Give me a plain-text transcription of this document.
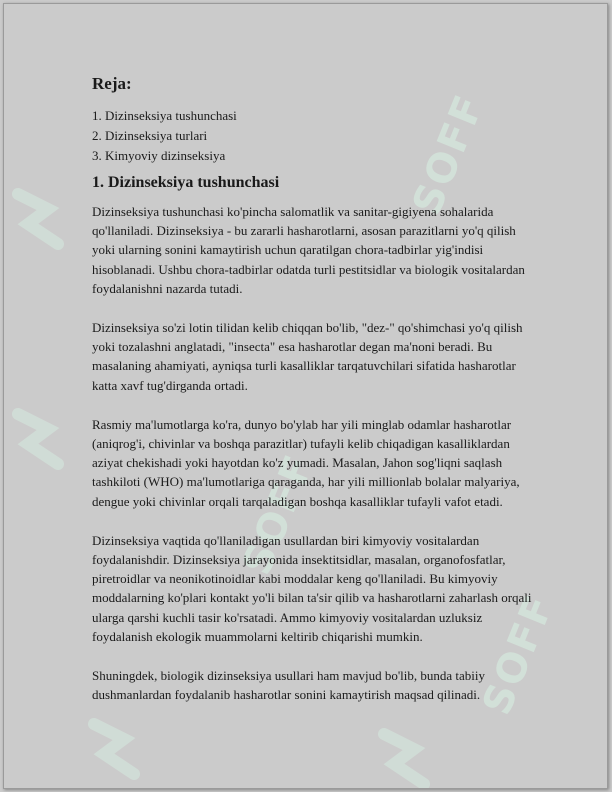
SOFF
SOFF
SOFF
Reja:

1. Dizinseksiya tushunchasi

2. Dizinseksiya turlari

3. Kimyoviy dizinseksiya

1. Dizinseksiya tushunchasi

Dizinseksiya tushunchasi ko'pincha salomatlik va sanitar-gigiyena sohalarida qo'llaniladi. Dizinseksiya - bu zararli hasharotlarni, asosan parazitlarni yo'q qilish yoki ularning sonini kamaytirish uchun qaratilgan chora-tadbirlar yig'indisi hisoblanadi. Ushbu chora-tadbirlar odatda turli pestitsidlar va biologik vositalardan foydalanishni nazarda tutadi.

Dizinseksiya so'zi lotin tilidan kelib chiqqan bo'lib, "dez-" qo'shimchasi yo'q qilish yoki tozalashni anglatadi, "insecta" esa hasharotlar degan ma'noni beradi. Bu masalaning ahamiyati, ayniqsa turli kasalliklar tarqatuvchilari sifatida hasharotlar katta xavf tug'dirganda ortadi.

Rasmiy ma'lumotlarga ko'ra, dunyo bo'ylab har yili minglab odamlar hasharotlar (aniqrog'i, chivinlar va boshqa parazitlar) tufayli kelib chiqadigan kasalliklardan aziyat chekishadi yoki hayotdan ko'z yumadi. Masalan, Jahon sog'liqni saqlash tashkiloti (WHO) ma'lumotlariga qaraganda, har yili millionlab bolalar malyariya, dengue yoki chivinlar orqali tarqaladigan boshqa kasalliklar tufayli vafot etadi.

Dizinseksiya vaqtida qo'llaniladigan usullardan biri kimyoviy vositalardan foydalanishdir. Dizinseksiya jarayonida insektitsidlar, masalan, organofosfatlar, piretroidlar va neonikotinoidlar kabi moddalar keng qo'llaniladi. Bu kimyoviy moddalarning ko'plari kontakt yo'li bilan ta'sir qilib va hasharotlarni zaharlash orqali ularga qarshi kuchli tasir ko'rsatadi. Ammo kimyoviy vositalardan uzluksiz foydalanish ekologik muammolarni keltirib chiqarishi mumkin.

Shuningdek, biologik dizinseksiya usullari ham mavjud bo'lib, bunda tabiiy dushmanlardan foydalanib hasharotlar sonini kamaytirish maqsad qilinadi.
